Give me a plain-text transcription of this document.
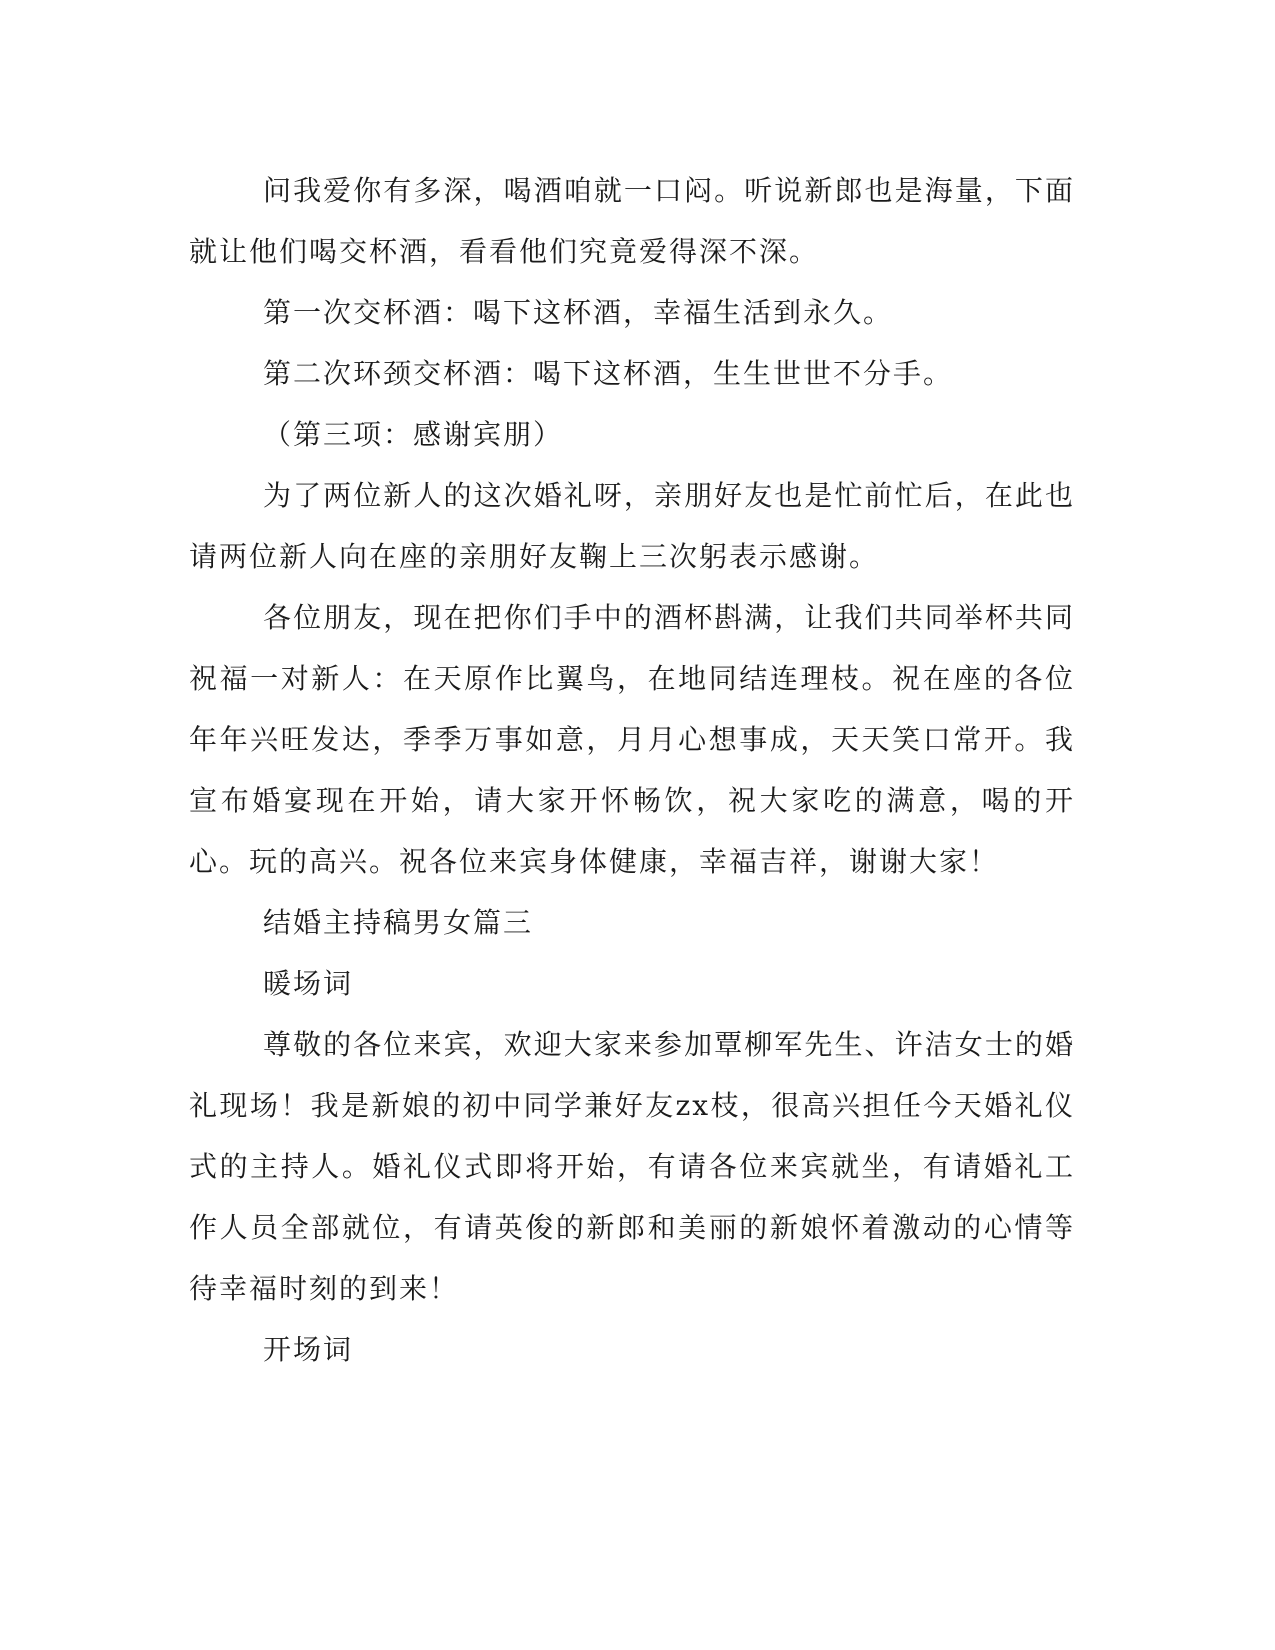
问我爱你有多深，喝酒咱就一口闷。听说新郎也是海量，下面就让他们喝交杯酒，看看他们究竟爱得深不深。

第一次交杯酒：喝下这杯酒，幸福生活到永久。

第二次环颈交杯酒：喝下这杯酒，生生世世不分手。

（第三项：感谢宾朋）

为了两位新人的这次婚礼呀，亲朋好友也是忙前忙后，在此也请两位新人向在座的亲朋好友鞠上三次躬表示感谢。

各位朋友，现在把你们手中的酒杯斟满，让我们共同举杯共同祝福一对新人：在天原作比翼鸟，在地同结连理枝。祝在座的各位年年兴旺发达，季季万事如意，月月心想事成，天天笑口常开。我宣布婚宴现在开始，请大家开怀畅饮，祝大家吃的满意，喝的开心。玩的高兴。祝各位来宾身体健康，幸福吉祥，谢谢大家！

结婚主持稿男女篇三

暖场词

尊敬的各位来宾，欢迎大家来参加覃柳军先生、许洁女士的婚礼现场！我是新娘的初中同学兼好友zx枝，很高兴担任今天婚礼仪式的主持人。婚礼仪式即将开始，有请各位来宾就坐，有请婚礼工作人员全部就位，有请英俊的新郎和美丽的新娘怀着激动的心情等待幸福时刻的到来！

开场词
